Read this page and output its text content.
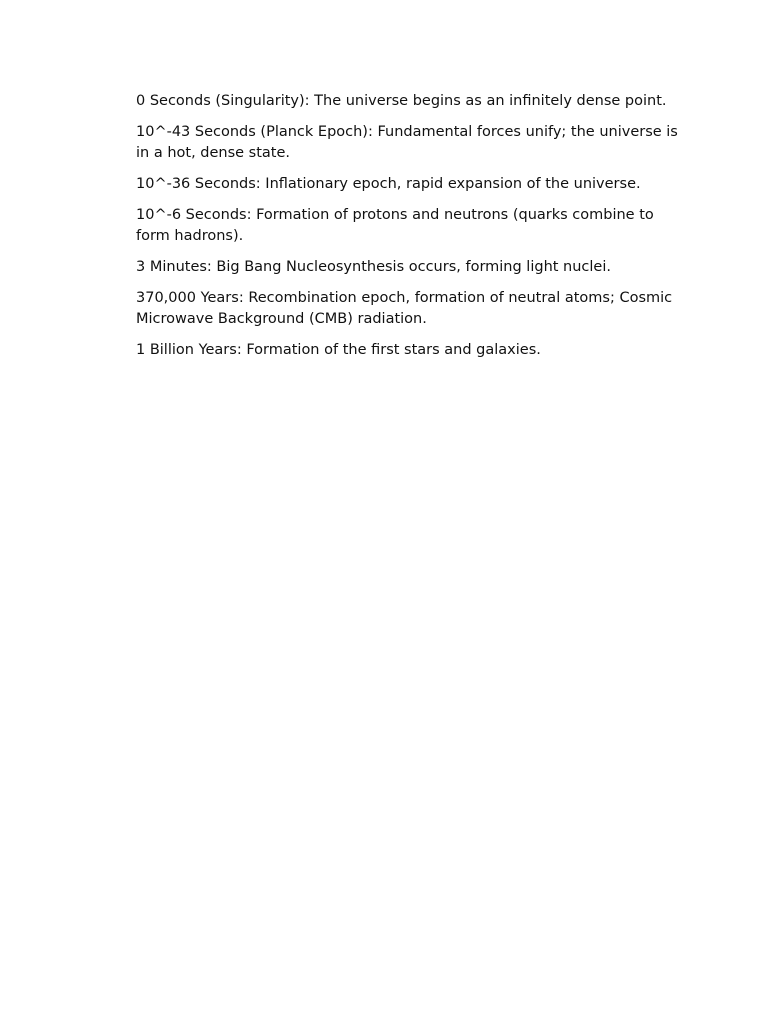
0 Seconds (Singularity): The universe begins as an infinitely dense point.

10^-43 Seconds (Planck Epoch): Fundamental forces unify; the universe is in a hot, dense state.

10^-36 Seconds: Inflationary epoch, rapid expansion of the universe.

10^-6 Seconds: Formation of protons and neutrons (quarks combine to form hadrons).

3 Minutes: Big Bang Nucleosynthesis occurs, forming light nuclei.

370,000 Years: Recombination epoch, formation of neutral atoms; Cosmic Microwave Background (CMB) radiation.

1 Billion Years: Formation of the first stars and galaxies.
